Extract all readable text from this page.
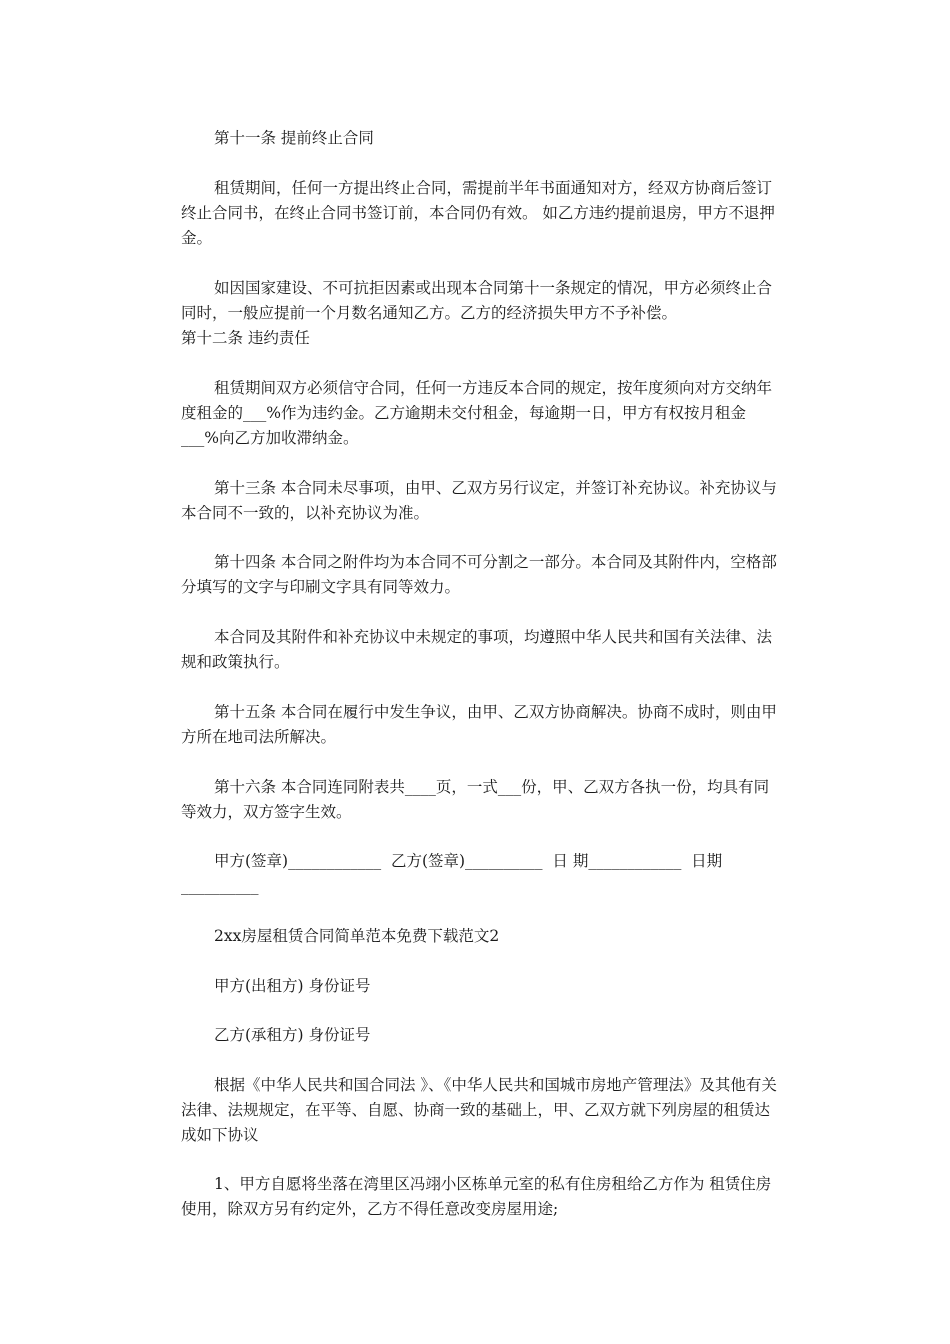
第十一条 提前终止合同

租赁期间，任何一方提出终止合同，需提前半年书面通知对方，经双方协商后签订终止合同书，在终止合同书签订前，本合同仍有效。 如乙方违约提前退房，甲方不退押金。

如因国家建设、不可抗拒因素或出现本合同第十一条规定的情况，甲方必须终止合同时，一般应提前一个月数名通知乙方。乙方的经济损失甲方不予补偿。

第十二条 违约责任

租赁期间双方必须信守合同，任何一方违反本合同的规定，按年度须向对方交纳年度租金的___%作为违约金。乙方逾期未交付租金，每逾期一日，甲方有权按月租金___%向乙方加收滞纳金。

第十三条 本合同未尽事项，由甲、乙双方另行议定，并签订补充协议。补充协议与本合同不一致的，以补充协议为准。

第十四条 本合同之附件均为本合同不可分割之一部分。本合同及其附件内，空格部分填写的文字与印刷文字具有同等效力。

本合同及其附件和补充协议中未规定的事项，均遵照中华人民共和国有关法律、法规和政策执行。

第十五条 本合同在履行中发生争议，由甲、乙双方协商解决。协商不成时，则由甲方所在地司法所解决。

第十六条 本合同连同附表共____页，一式___份，甲、乙双方各执一份，均具有同等效力，双方签字生效。

甲方(签章)____________  乙方(签章)__________  日 期____________  日期__________

2xx房屋租赁合同简单范本免费下载范文2

甲方(出租方) 身份证号

乙方(承租方) 身份证号

根据《中华人民共和国合同法 》、《中华人民共和国城市房地产管理法》及其他有关法律、法规规定，在平等、自愿、协商一致的基础上，甲、乙双方就下列房屋的租赁达成如下协议

1、甲方自愿将坐落在湾里区冯翊小区栋单元室的私有住房租给乙方作为 租赁住房使用，除双方另有约定外，乙方不得任意改变房屋用途;
